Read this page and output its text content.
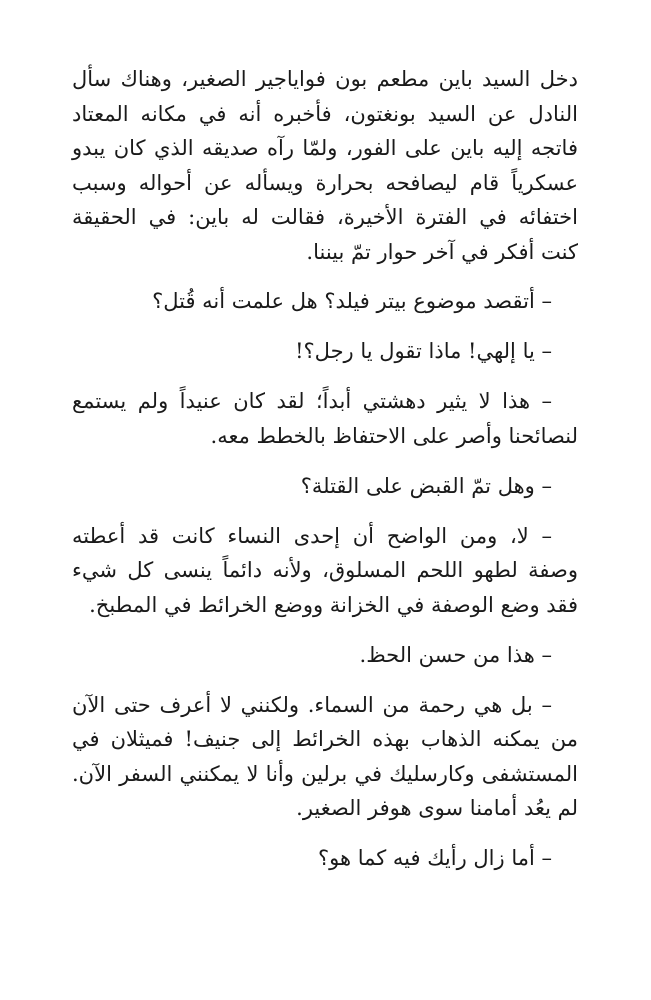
دخل السيد باين مطعم بون فواياجير الصغير، وهناك سأل النادل عن السيد بونغتون، فأخبره أنه في مكانه المعتاد فاتجه إليه باين على الفور، ولمّا رآه صديقه الذي كان يبدو عسكرياً قام ليصافحه بحرارة ويسأله عن أحواله وسبب اختفائه في الفترة الأخيرة، فقالت له باين: في الحقيقة كنت أفكر في آخر حوار تمّ بيننا.

– أتقصد موضوع بيتر فيلد؟ هل علمت أنه قُتل؟

– يا إلهي! ماذا تقول يا رجل؟!

– هذا لا يثير دهشتي أبداً؛ لقد كان عنيداً ولم يستمع لنصائحنا وأصر على الاحتفاظ بالخطط معه.

– وهل تمّ القبض على القتلة؟

– لا، ومن الواضح أن إحدى النساء كانت قد أعطته وصفة لطهو اللحم المسلوق، ولأنه دائماً ينسى كل شيء فقد وضع الوصفة في الخزانة ووضع الخرائط في المطبخ.

– هذا من حسن الحظ.

– بل هي رحمة من السماء. ولكنني لا أعرف حتى الآن من يمكنه الذهاب بهذه الخرائط إلى جنيف! فميثلان في المستشفى وكارسليك في برلين وأنا لا يمكنني السفر الآن. لم يعُد أمامنا سوى هوفر الصغير.

– أما زال رأيك فيه كما هو؟
